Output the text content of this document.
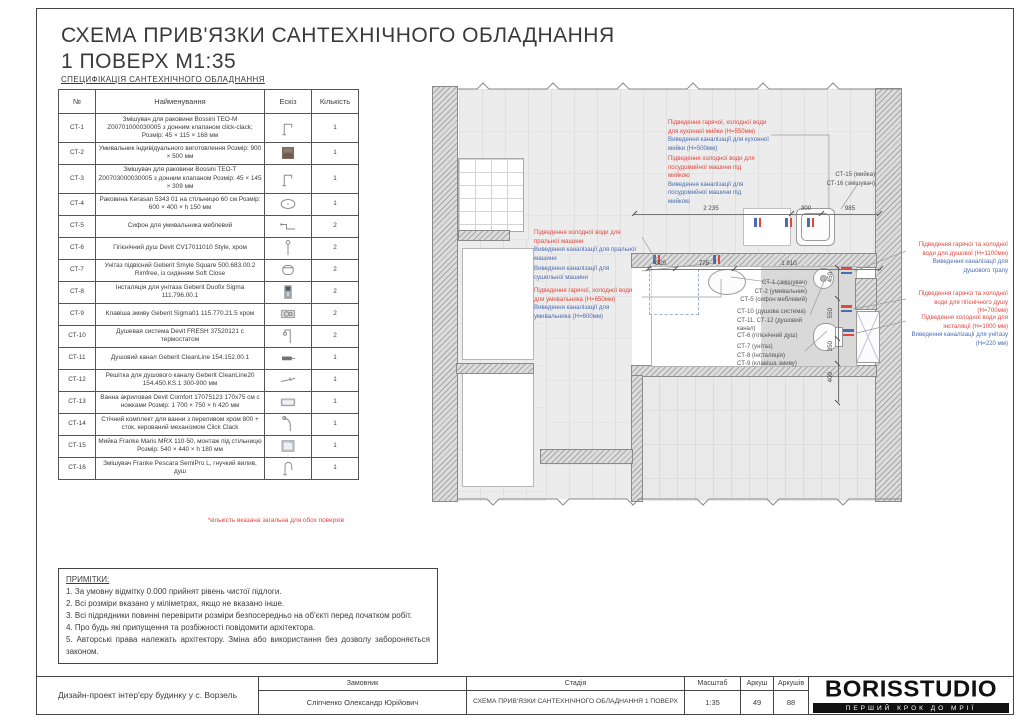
СХЕМА ПРИВ'ЯЗКИ САНТЕХНІЧНОГО ОБЛАДНАННЯ
1 ПОВЕРХ М1:35
СПЕЦИФІКАЦІЯ САНТЕХНІЧНОГО ОБЛАДНАННЯ
№	Найменування	Ескіз	Кількість
СТ-1	Змішувач для раковини Bossini TEO-M Z00701000030005 з донним клапаном click-clack; Розмір: 45 × 115 × 168 мм		1
СТ-2	Умивальник індивідуального виготовлення Розмір: 900 × 500 мм		1
СТ-3	Змішувач для раковини Bossini TEO-T Z00703000030005 з донним клапаном Розмір: 45 × 145 × 309 мм		1
СТ-4	Раковина Kerasan 5343 01 на стільницю 60 см Розмір: 600 × 400 × h 150 мм		1
СТ-5	Сифон для умивальника меблевий		2
СТ-6	Гігієнічний душ Devit CV17011010 Style, хром		2
СТ-7	Унітаз підвісний Geberit Smyle Square 500.683.00.2 Rimfree, із сидінням Soft Close		2
СТ-8	Інсталяція для унітаза Geberit Duofix Sigma 111.796.00.1		2
СТ-9	Клавіша змиву Geberit Sigma01 115.770.21.5 хром		2
СТ-10	Душевая система Devit FRESH 37520121 с термостатом		2
СТ-11	Душовий канал Geberit CleanLine 154.152.00.1		1
СТ-12	Решітка для душового каналу Geberit CleanLine20 154.450.KS.1 300-900 мм		1
СТ-13	Ванна акриловая Devit Comfort 17075123 170х75 см с ножками Розмір: 1 700 × 750 × h 420 мм		1
СТ-14	Стічний комплект для ванни з переливом хром 800 + сток, керований механізмом Click Clack		1
СТ-15	Мийка Franke Maris MRX 110-50, монтаж під стільницю Розмір: 540 × 440 × h 180 мм		1
СТ-16	Змішувач Franke Pescara SemiPro L, гнучкий вилив, душ		1
*кількість вказана загальна для обох поверхів
2 235	300	985
325	775	1 810
450
550
350
400
Підведення гарячої, холодної води для кухонної мийки (Н=550мм)
Виведення каналізації для кухонної мийки (Н=500мм)
Підведення холодної води для посудомийної машини під мийкою
Виведення каналізації для посудомийної машини під мийкою
СТ-15 (мийка)
СТ-16 (змішувач)
Підведення холодної води для пральної машини
Виведення каналізації для пральної машини
Виведення каналізації для сушильної машини
Підведення гарячої, холодної води для умивальника (Н=650мм)
Виведення каналізації для умивальника (Н=600мм)
Підведення гарячої та холодної води для душової (Н=1100мм)
Виведення каналізації для душового трапу
Підведення гарячої та холодної води для гігієнічного душу (Н=700мм)
Підведення холодної води для інсталяції (Н=1000 мм)
Виведення каналізації для унітазу (Н=220 мм)
СТ-1 (змішувач)
СТ-2 (умивальник)
СТ-5 (сифон меблевий)
СТ-10 (душова система)
СТ-11, СТ-12 (душовий канал)
СТ-6 (гігієнічний душ)
СТ-7 (унітаз)
СТ-8 (інсталяція)
СТ-9 (клавіша змиву)
ПРИМІТКИ:
1. За умовну відмітку 0.000 прийнят рівень чистої підлоги.
2. Всі розміри вказано у міліметрах, якщо не вказано інше.
3. Всі підрядники повинні перевірити розміри безпосередньо на об'єкті перед початком робіт.
4. Про будь які припущення та розбіжності повідомити архітектора.
5. Авторські права належать архітектору. Зміна або використання без дозволу забороняється законом.
Дизайн-проект інтер'єру будинку у с. Ворзель
Замовник
Сліпченко Олександр Юрійович
Стадія
СХЕМА ПРИВ'ЯЗКИ САНТЕХНІЧНОГО ОБЛАДНАННЯ 1 ПОВЕРХ
Масштаб
1:35
Аркуш
49
Аркушів
88	BORISSTUDIO
ПЕРШИЙ КРОК ДО МРІЇ
